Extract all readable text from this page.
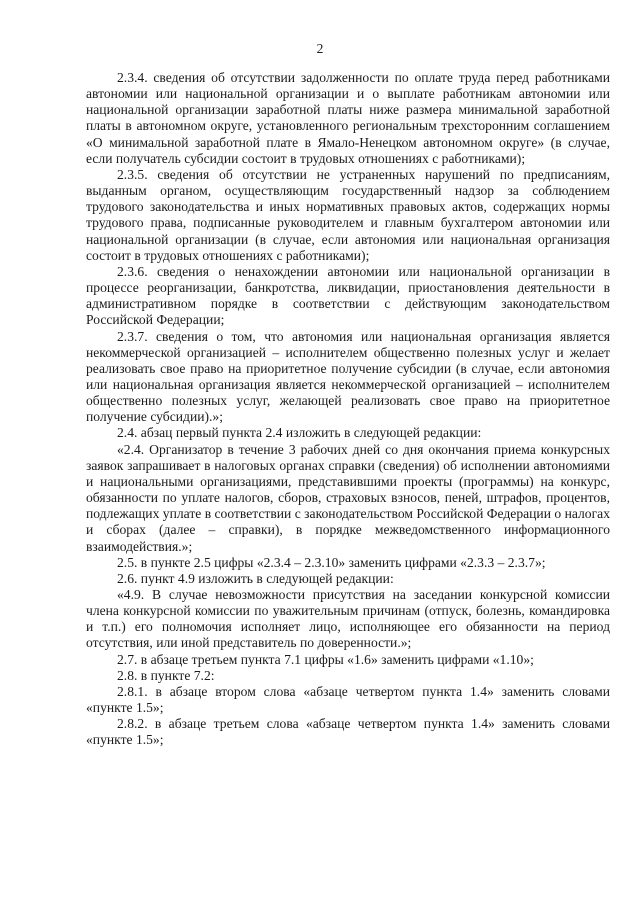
2

2.3.4. сведения об отсутствии задолженности по оплате труда перед работниками автономии или национальной организации и о выплате работникам автономии или национальной организации заработной платы ниже размера минимальной заработной платы в автономном округе, установленного региональным трехсторонним соглашением «О минимальной заработной плате в Ямало-Ненецком автономном округе» (в случае, если получатель субсидии состоит в трудовых отношениях с работниками);

2.3.5. сведения об отсутствии не устраненных нарушений по предписаниям, выданным органом, осуществляющим государственный надзор за соблюдением трудового законодательства и иных нормативных правовых актов, содержащих нормы трудового права, подписанные руководителем и главным бухгалтером автономии или национальной организации (в случае, если автономия или национальная организация состоит в трудовых отношениях с работниками);

2.3.6. сведения о ненахождении автономии или национальной организации в процессе реорганизации, банкротства, ликвидации, приостановления деятельности в административном порядке в соответствии с действующим законодательством Российской Федерации;

2.3.7. сведения о том, что автономия или национальная организация является некоммерческой организацией – исполнителем общественно полезных услуг и желает реализовать свое право на приоритетное получение субсидии (в случае, если автономия или национальная организация является некоммерческой организацией – исполнителем общественно полезных услуг, желающей реализовать свое право на приоритетное получение субсидии).»;

2.4. абзац первый пункта 2.4 изложить в следующей редакции:

«2.4. Организатор в течение 3 рабочих дней со дня окончания приема конкурсных заявок запрашивает в налоговых органах справки (сведения) об исполнении автономиями и национальными организациями, представившими проекты (программы) на конкурс, обязанности по уплате налогов, сборов, страховых взносов, пеней, штрафов, процентов, подлежащих уплате в соответствии с законодательством Российской Федерации о налогах и сборах (далее – справки), в порядке межведомственного информационного взаимодействия.»;

2.5. в пункте 2.5 цифры «2.3.4 – 2.3.10» заменить цифрами «2.3.3 – 2.3.7»;

2.6. пункт 4.9 изложить в следующей редакции:

«4.9. В случае невозможности присутствия на заседании конкурсной комиссии члена конкурсной комиссии по уважительным причинам (отпуск, болезнь, командировка и т.п.) его полномочия исполняет лицо, исполняющее его обязанности на период отсутствия, или иной представитель по доверенности.»;

2.7. в абзаце третьем пункта 7.1 цифры «1.6» заменить цифрами «1.10»;

2.8. в пункте 7.2:

2.8.1. в абзаце втором слова «абзаце четвертом пункта 1.4» заменить словами «пункте 1.5»;

2.8.2. в абзаце третьем слова «абзаце четвертом пункта 1.4» заменить словами «пункте 1.5»;
